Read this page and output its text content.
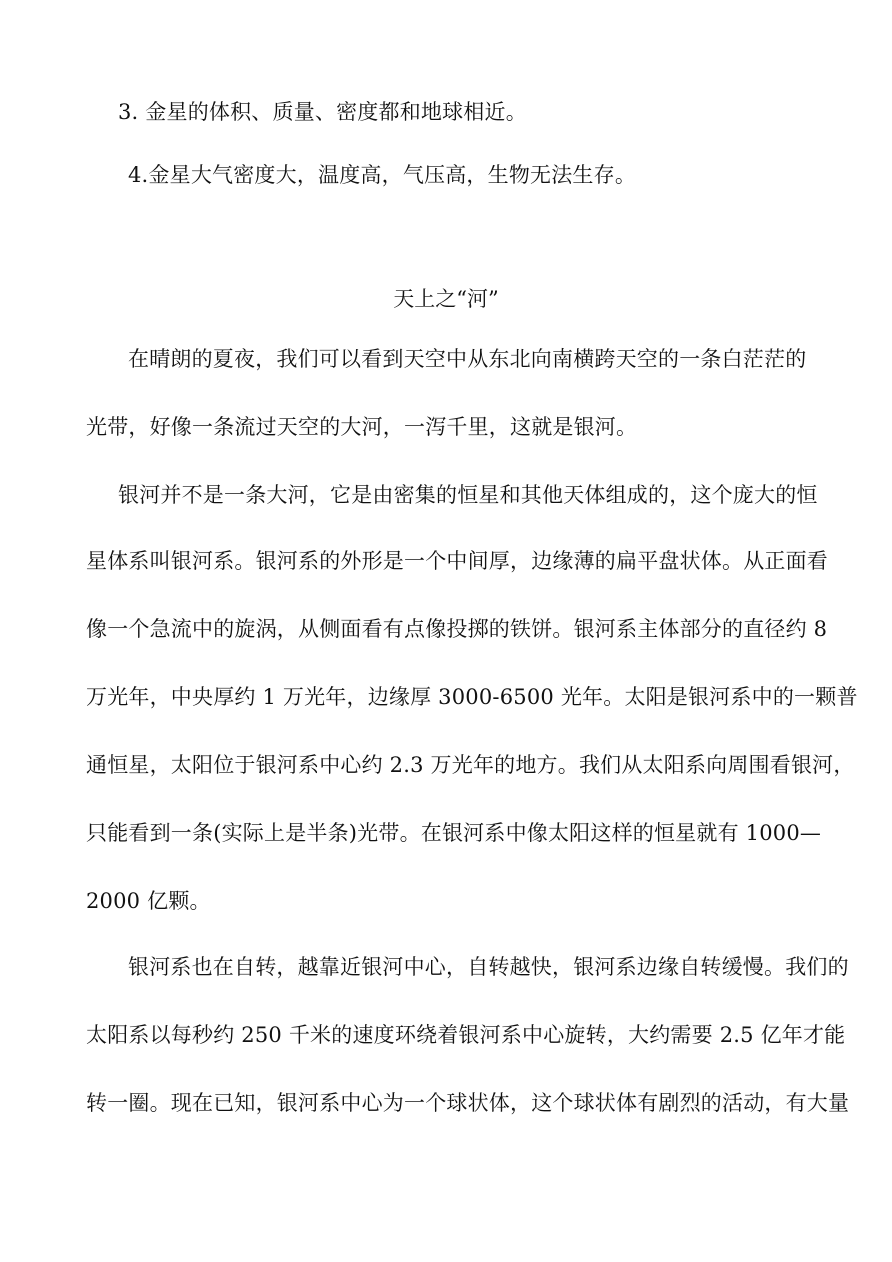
3. 金星的体积、质量、密度都和地球相近。
4.金星大气密度大，温度高，气压高，生物无法生存。
天上之“河”
在晴朗的夏夜，我们可以看到天空中从东北向南横跨天空的一条白茫茫的
光带，好像一条流过天空的大河，一泻千里，这就是银河。
银河并不是一条大河，它是由密集的恒星和其他天体组成的，这个庞大的恒
星体系叫银河系。银河系的外形是一个中间厚，边缘薄的扁平盘状体。从正面看
像一个急流中的旋涡，从侧面看有点像投掷的铁饼。银河系主体部分的直径约 8
万光年，中央厚约 1 万光年，边缘厚 3000-6500 光年。太阳是银河系中的一颗普
通恒星，太阳位于银河系中心约 2.3 万光年的地方。我们从太阳系向周围看银河，
只能看到一条(实际上是半条)光带。在银河系中像太阳这样的恒星就有 1000—
2000 亿颗。
银河系也在自转，越靠近银河中心，自转越快，银河系边缘自转缓慢。我们的
太阳系以每秒约 250 千米的速度环绕着银河系中心旋转，大约需要 2.5 亿年才能
转一圈。现在已知，银河系中心为一个球状体，这个球状体有剧烈的活动，有大量
